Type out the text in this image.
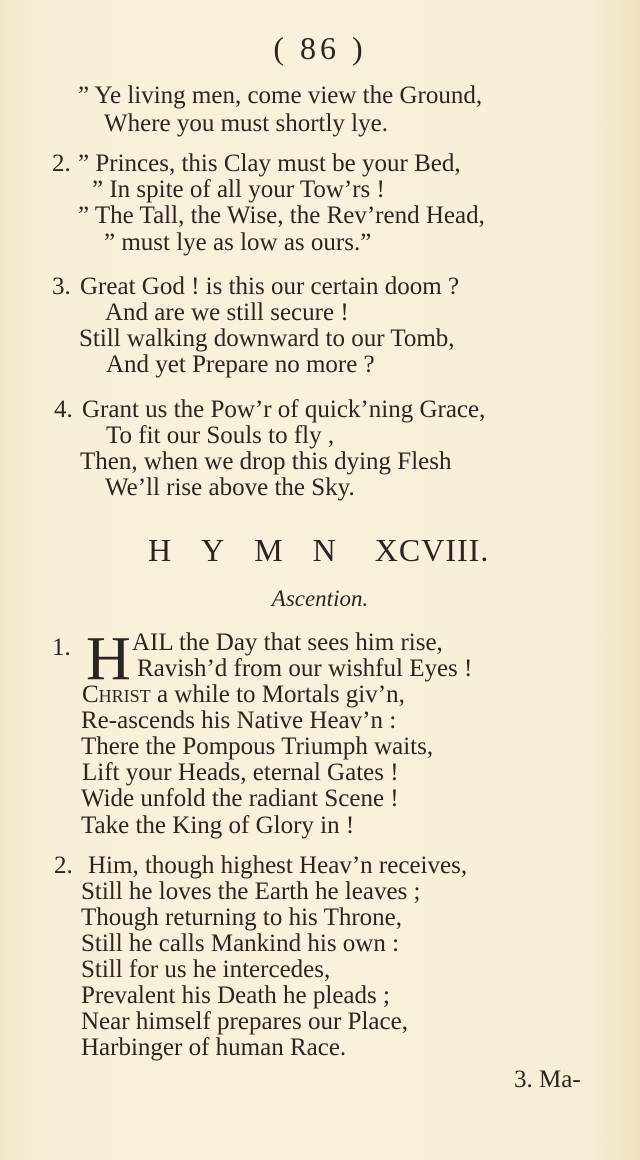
( 86 )
” Ye living men, come view the Ground,
Where you must shortly lye.
2. ” Princes, this Clay must be your Bed,
” In spite of all your Tow’rs !
” The Tall, the Wise, the Rev’rend Head,
” must lye as low as ours.”
3. Great God ! is this our certain doom ?
And are we still secure !
Still walking downward to our Tomb,
And yet Prepare no more ?
4. Grant us the Pow’r of quick’ning Grace,
To fit our Souls to fly ,
Then, when we drop this dying Flesh
We’ll rise above the Sky.
HYMN XCVIII.
Ascention.
1. H AIL the Day that sees him rise,
Ravish’d from our wishful Eyes !
Christ a while to Mortals giv’n,
Re-ascends his Native Heav’n :
There the Pompous Triumph waits,
Lift your Heads, eternal Gates !
Wide unfold the radiant Scene !
Take the King of Glory in !
2. Him, though highest Heav’n receives,
Still he loves the Earth he leaves ;
Though returning to his Throne,
Still he calls Mankind his own :
Still for us he intercedes,
Prevalent his Death he pleads ;
Near himself prepares our Place,
Harbinger of human Race.
3. Ma-
